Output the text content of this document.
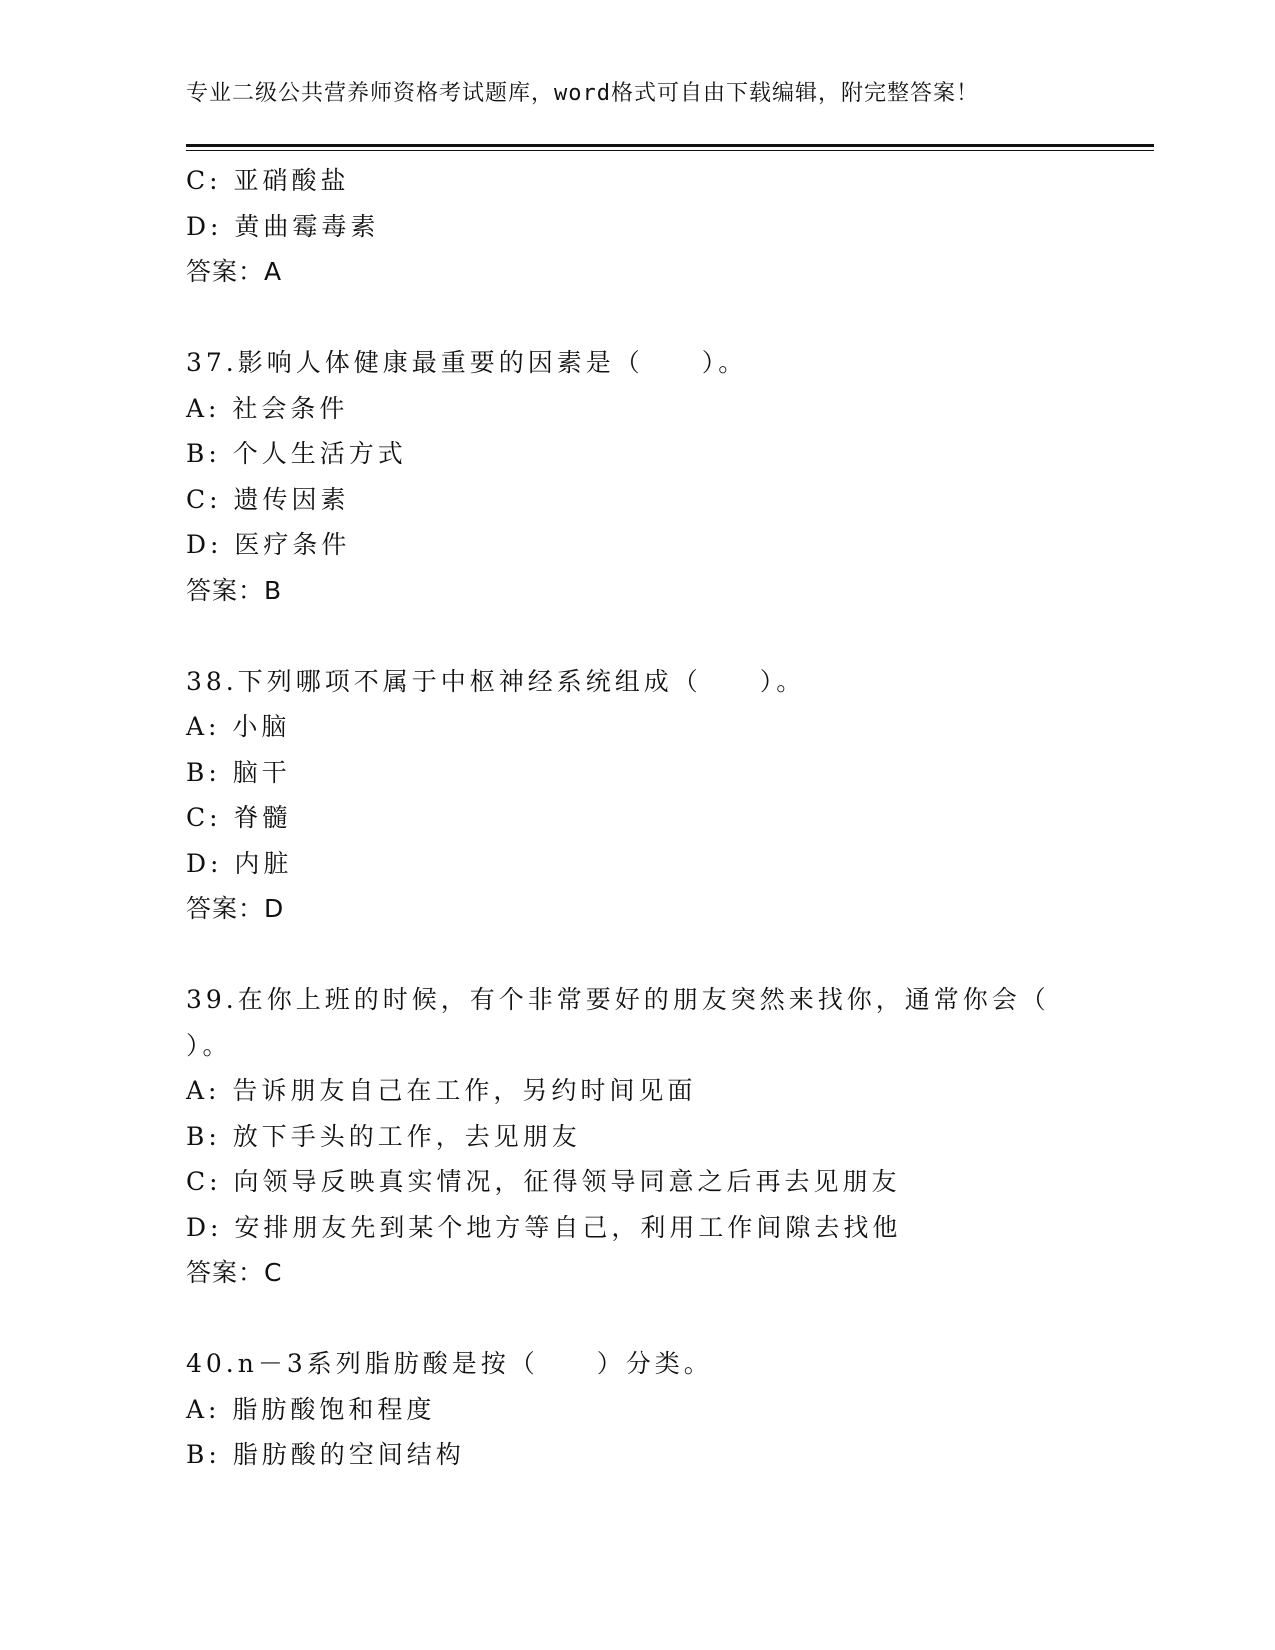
专业二级公共营养师资格考试题库，word格式可自由下载编辑，附完整答案！
C: 亚硝酸盐
D: 黄曲霉毒素
答案：A
37.影响人体健康最重要的因素是（　　）。
A: 社会条件
B: 个人生活方式
C: 遗传因素
D: 医疗条件
答案：B
38.下列哪项不属于中枢神经系统组成（　　）。
A: 小脑
B: 脑干
C: 脊髓
D: 内脏
答案：D
39.在你上班的时候，有个非常要好的朋友突然来找你，通常你会（
）。
A: 告诉朋友自己在工作，另约时间见面
B: 放下手头的工作，去见朋友
C: 向领导反映真实情况，征得领导同意之后再去见朋友
D: 安排朋友先到某个地方等自己，利用工作间隙去找他
答案：C
40.n－3系列脂肪酸是按（　　）分类。
A: 脂肪酸饱和程度
B: 脂肪酸的空间结构
